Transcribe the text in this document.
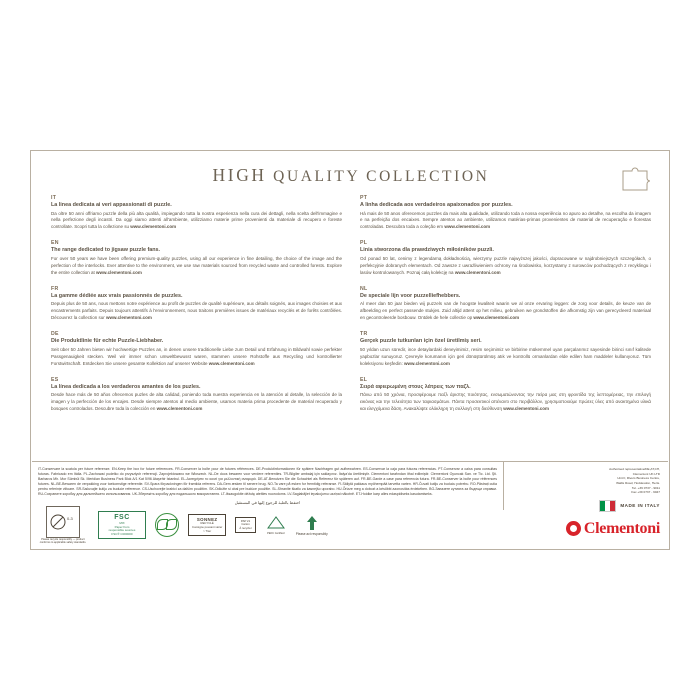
HIGH QUALITY COLLECTION
IT
La linea dedicata ai veri appassionati di puzzle.
Da oltre 50 anni offriamo puzzle della più alta qualità, impiegando tutta la nostra esperienza nella cura dei dettagli, nella scelta dell'immagine e nella perfezione degli incastri. Da oggi siamo attenti all'ambiente, utilizziamo materie prime provenienti da materiale di recupero e foreste controllate. Scopri tutta la collezione su www.clementoni.com
EN
The range dedicated to jigsaw puzzle fans.
For over 50 years we have been offering premium-quality puzzles, using all our experience in fine detailing, the choice of the image and the perfection of the interlocks. Ever attentive to the environment, we use raw materials sourced from recycled waste and controlled forests. Explore the entire collection at www.clementoni.com
FR
La gamme dédiée aux vrais passionnés de puzzles.
Depuis plus de 50 ans, nous mettons notre expérience au profit de puzzles de qualité supérieure, aux détails soignés, aux images choisies et aux encastrements parfaits. Depuis toujours attentifs à l'environnement, nous traitons premières issues de matériaux recyclés et de forêts contrôlées. Découvrez la collection sur www.clementoni.com
DE
Die Produktlinie für echte Puzzle-Liebhaber.
Seit über 50 Jahren bieten wir hochwertige Puzzles an, in denen unsere traditionelle Liebe zum Detail und Erfahrung in Bildwahl sowie perfekter Passgenauigkeit stecken. Weil wir immer schon umweltbewusst waren, stammen unsere Rohstoffe aus Recycling und kontrollierter Forstwirtschaft. Entdecken Sie unsere gesamte Kollektion auf unserer Website www.clementoni.com
ES
La línea dedicada a los verdaderos amantes de los puzles.
Desde hace más de 50 años ofrecemos puzles de alta calidad, poniendo toda nuestra experiencia en la atención al detalle, la selección de la imagen y la perfección de los encajes. Desde siempre atentos al medio ambiente, usamos materia prima procedente de material recuperado y bosques controlados. Descubre toda la colección en www.clementoni.com
PT
A linha dedicada aos verdadeiros apaixonados por puzzles.
Há mais de 50 anos oferecemos puzzles da mais alta qualidade, utilizando toda a nossa experiência no apuro ao detalhe, na escolha da imagem e na perfeição dos encaixes. Sempre atentos ao ambiente, utilizamos matérias-primas provenientes de material de recuperação e florestas controladas. Descubra toda a coleção em www.clementoni.com
PL
Linia stworzona dla prawdziwych miłośników puzzli.
Od ponad 50 lat, cenimy z legendarną dokładnością, wierzymy puzzle najwyższej jakości, dopracowane w najdrobniejszych szczegółach, o perfekcyjnie dobranych elementach. Od zawsze z uwrażliwieniem ochrony na środowisko, korzystamy z surowców pochodzących z recyklingu i lasów kontrolowanych. Poznaj całą kolekcję na www.clementoni.com
NL
De speciale lijn voor puzzelliefhebbers.
Al meer dan 50 jaar bieden wij puzzels van de hoogste kwaliteit waarin we al onze ervaring leggen: de zorg voor details, de keuze van de afbeelding en perfect passende stukjes. Zuid altijd attent op het milieu, gebruiken we grondstoffen die afkomstig zijn van gerecycleerd materiaal en gecontroleerde bosbouw. Ontdek de hele collectie op www.clementoni.com
TR
Gerçek puzzle tutkunları için özel üretilmiş seri.
50 yıldan uzun süredir, ince detaylardaki deneyimimiz, resim seçimimiz ve birbirine mükemmel uyan parçalarımız sayesinde birinci sınıf kalitede yapbozlar sunuyoruz. Çevreyle korumanın için geri dönüştürülmüş atık ve kontrollü ormanlardan elde edilen ham maddeler kullanıyoruz. Tüm koleksiyonu keşfedin: www.clementoni.com
EL
Σειρά αφιερωμένη στους λάτρεις των παζλ.
Πάνω από 50 χρόνια, προσφέρουμε παζλ άριστης ποιότητας, ενσωματώνοντας την πείρα μας στη φροντίδα της λεπτομέρειας, την επιλογή εικόνας και την τελειότητα των ταιριασμάτων. Πάντα προσεκτικοί απέναντι στο περιβάλλον, χρησιμοποιούμε πρώτες ύλες από ανακτημένα υλικά και ελεγχόμενα δάση. Ανακαλύψτε ολόκληρη τη συλλογή στη διεύθυνση www.clementoni.com
IT-Conservare la scatola per future referenze. EN-Keep the box for future references. FR-Conserver la boîte pour de futures références. DE-Produktinformationen für spätere Nachfragen gut aufbewahren. ES-Conservar la caja para futuras referencias. PT-Conservar a caixa para consultas futuras. Fabricado em Itália. PL-Zachować pudełko do przyszłych referencji. Zaprojektowano we Włoszech. NL-De doos bewaren voor verdere referenties. TR-Bilgiler ambalaj için saklayınız. İtalya'da üretilmiştir. Clementoni tarafından ithal edilmiştir. Clementoni Oyuncak San. ve Tic. Ltd. Şti. Barbaros Mh. Mor Sümbül Sk. Meridian Business Park Blok A/1 Kat 5/96 Ataşehir İstanbul. EL-Διατηρήστε το κουτί για μελλοντική αναφορά. DE-AT-Benutzen Sie die Schachtel als Referenz für späteren auf. FR-BE-Garde a case para referencia futura. FR-BE-Conserver la boîte pour références futures. NL-BE-Bewaren de verpakking voor toekomstige referentie. SV-Spara förpackningen för framtida referens. DA-Gem æsken til senere brug. NO-Ta vare på esken for fremtidig referanse. FI-Säilytä pakkaus myöhempää tarvetta varten. HR-Čuvati kutiju za buduću potrebu. RO-Păstrați cutia pentru referințe viitoare. SR-Sačuvajte kutiju za buduće reference. CS-Uschovejte krabici za dalším použitím. SK-Odložte si obal pre budúce použitie. SL-Shranite škatlo za kasnejšo uporabo. HU-Őrizze meg a dobozt a későbbi azonosítás érdekében. BG-Запазете кутията за бъдещи справки. RU-Сохраните коробку для дальнейшего использования. UK-Збережіть коробку для подальшого використання. LT-Išsaugokite dėžutę ateities nuorodoms. LV-Saglabājiet iepakojumu uzziņai nākotnē. ET-Hoidke karp alles edaspidiseks kasutamiseks.
احتفظ بالعلبة للرجوع إليها في المستقبل
0-3
Please recycle responsibly — product conforms to applicable safety standards.
FSC
MIX
Paper from
responsible sources
FSC® C000000
SONNEZ
RECYCLÉ
Consigne pouvant varier
> Trier
PAP 21
Carton
À recycler
PEFC Certified	Please act responsibly
Authorised representative/DE,AT,CH,
Clementoni UK LTD
Unit F, Rivers Business Centre,
Wallis Road, Hoddesdon, Herts.
Tel. +39 0737 - 9011
Fax +39 0737 - 9047
MADE IN ITALY
Clementoni
